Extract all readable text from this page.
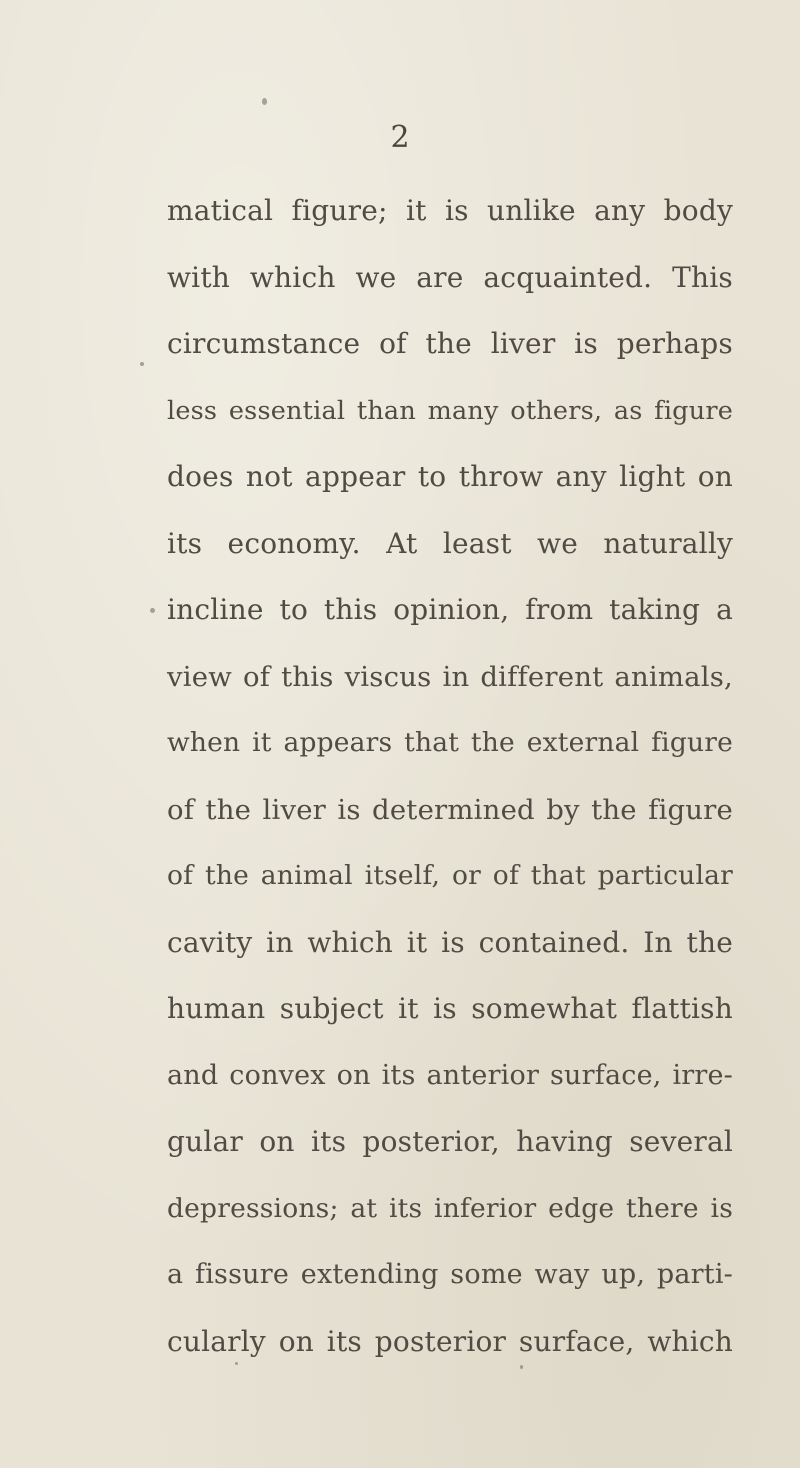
2
matical figure; it is unlike any body
with which we are acquainted. This
circumstance of the liver is perhaps
less essential than many others, as figure
does not appear to throw any light on
its economy. At least we naturally
incline to this opinion, from taking a
view of this viscus in different animals,
when it appears that the external figure
of the liver is determined by the figure
of the animal itself, or of that particular
cavity in which it is contained. In the
human subject it is somewhat flattish
and convex on its anterior surface, irre-
gular on its posterior, having several
depressions; at its inferior edge there is
a fissure extending some way up, parti-
cularly on its posterior surface, which
